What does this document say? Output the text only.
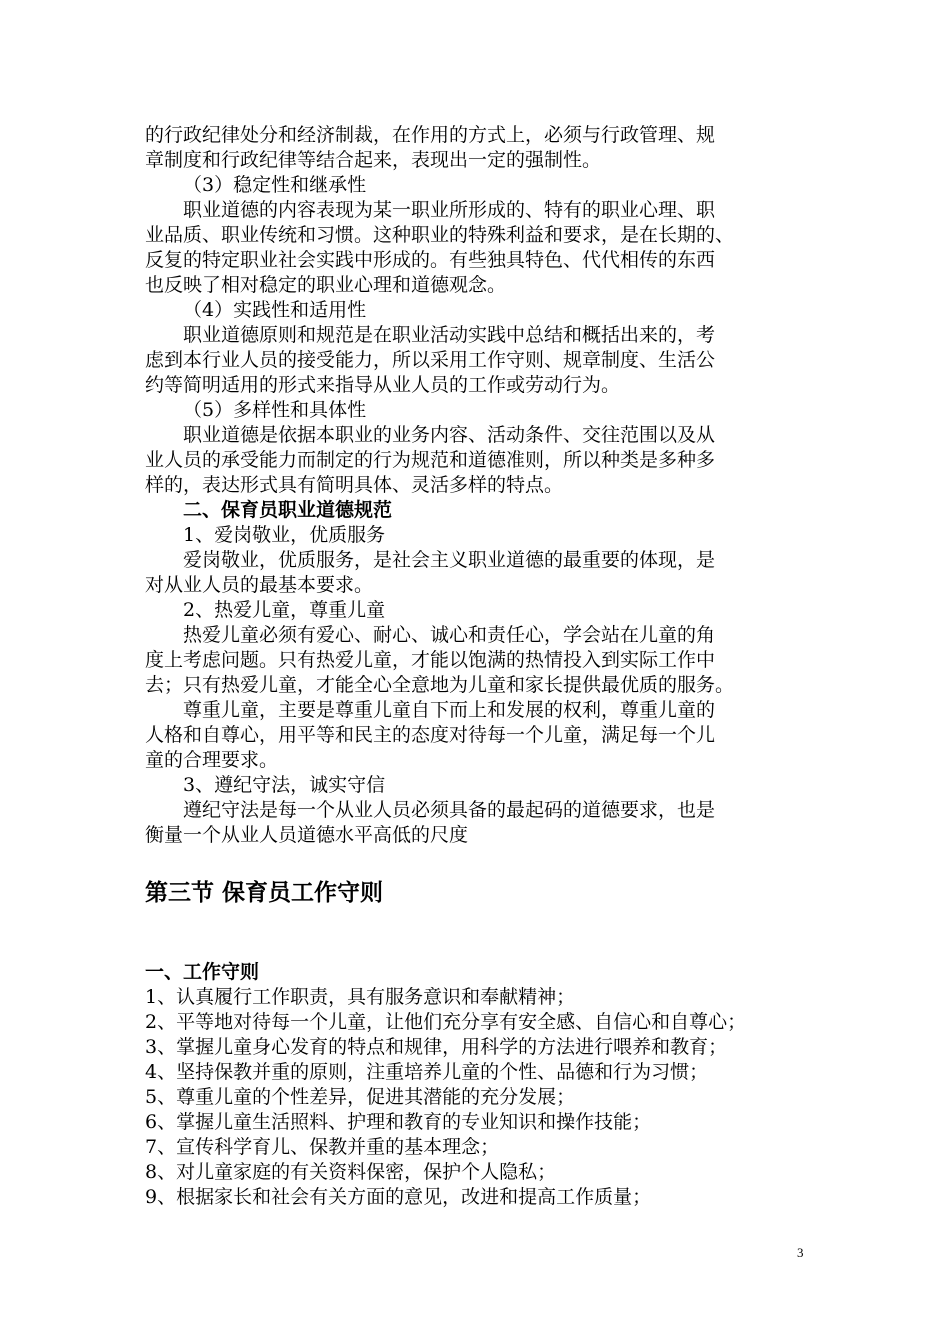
的行政纪律处分和经济制裁，在作用的方式上，必须与行政管理、规

章制度和行政纪律等结合起来，表现出一定的强制性。

（3）稳定性和继承性

职业道德的内容表现为某一职业所形成的、特有的职业心理、职

业品质、职业传统和习惯。这种职业的特殊利益和要求，是在长期的、

反复的特定职业社会实践中形成的。有些独具特色、代代相传的东西

也反映了相对稳定的职业心理和道德观念。

（4）实践性和适用性

职业道德原则和规范是在职业活动实践中总结和概括出来的，考

虑到本行业人员的接受能力，所以采用工作守则、规章制度、生活公

约等简明适用的形式来指导从业人员的工作或劳动行为。

（5）多样性和具体性

职业道德是依据本职业的业务内容、活动条件、交往范围以及从

业人员的承受能力而制定的行为规范和道德准则，所以种类是多种多

样的，表达形式具有简明具体、灵活多样的特点。

二、保育员职业道德规范

1、爱岗敬业，优质服务

爱岗敬业，优质服务，是社会主义职业道德的最重要的体现，是

对从业人员的最基本要求。

2、热爱儿童，尊重儿童

热爱儿童必须有爱心、耐心、诚心和责任心，学会站在儿童的角

度上考虑问题。只有热爱儿童，才能以饱满的热情投入到实际工作中

去；只有热爱儿童，才能全心全意地为儿童和家长提供最优质的服务。

尊重儿童，主要是尊重儿童自下而上和发展的权利，尊重儿童的

人格和自尊心，用平等和民主的态度对待每一个儿童，满足每一个儿

童的合理要求。

3、遵纪守法，诚实守信

遵纪守法是每一个从业人员必须具备的最起码的道德要求，也是

衡量一个从业人员道德水平高低的尺度

第三节 保育员工作守则
一、工作守则

1、认真履行工作职责，具有服务意识和奉献精神；

2、平等地对待每一个儿童，让他们充分享有安全感、自信心和自尊心；

3、掌握儿童身心发育的特点和规律，用科学的方法进行喂养和教育；

4、坚持保教并重的原则，注重培养儿童的个性、品德和行为习惯；

5、尊重儿童的个性差异，促进其潜能的充分发展；

6、掌握儿童生活照料、护理和教育的专业知识和操作技能；

7、宣传科学育儿、保教并重的基本理念；

8、对儿童家庭的有关资料保密，保护个人隐私；

9、根据家长和社会有关方面的意见，改进和提高工作质量；

3
